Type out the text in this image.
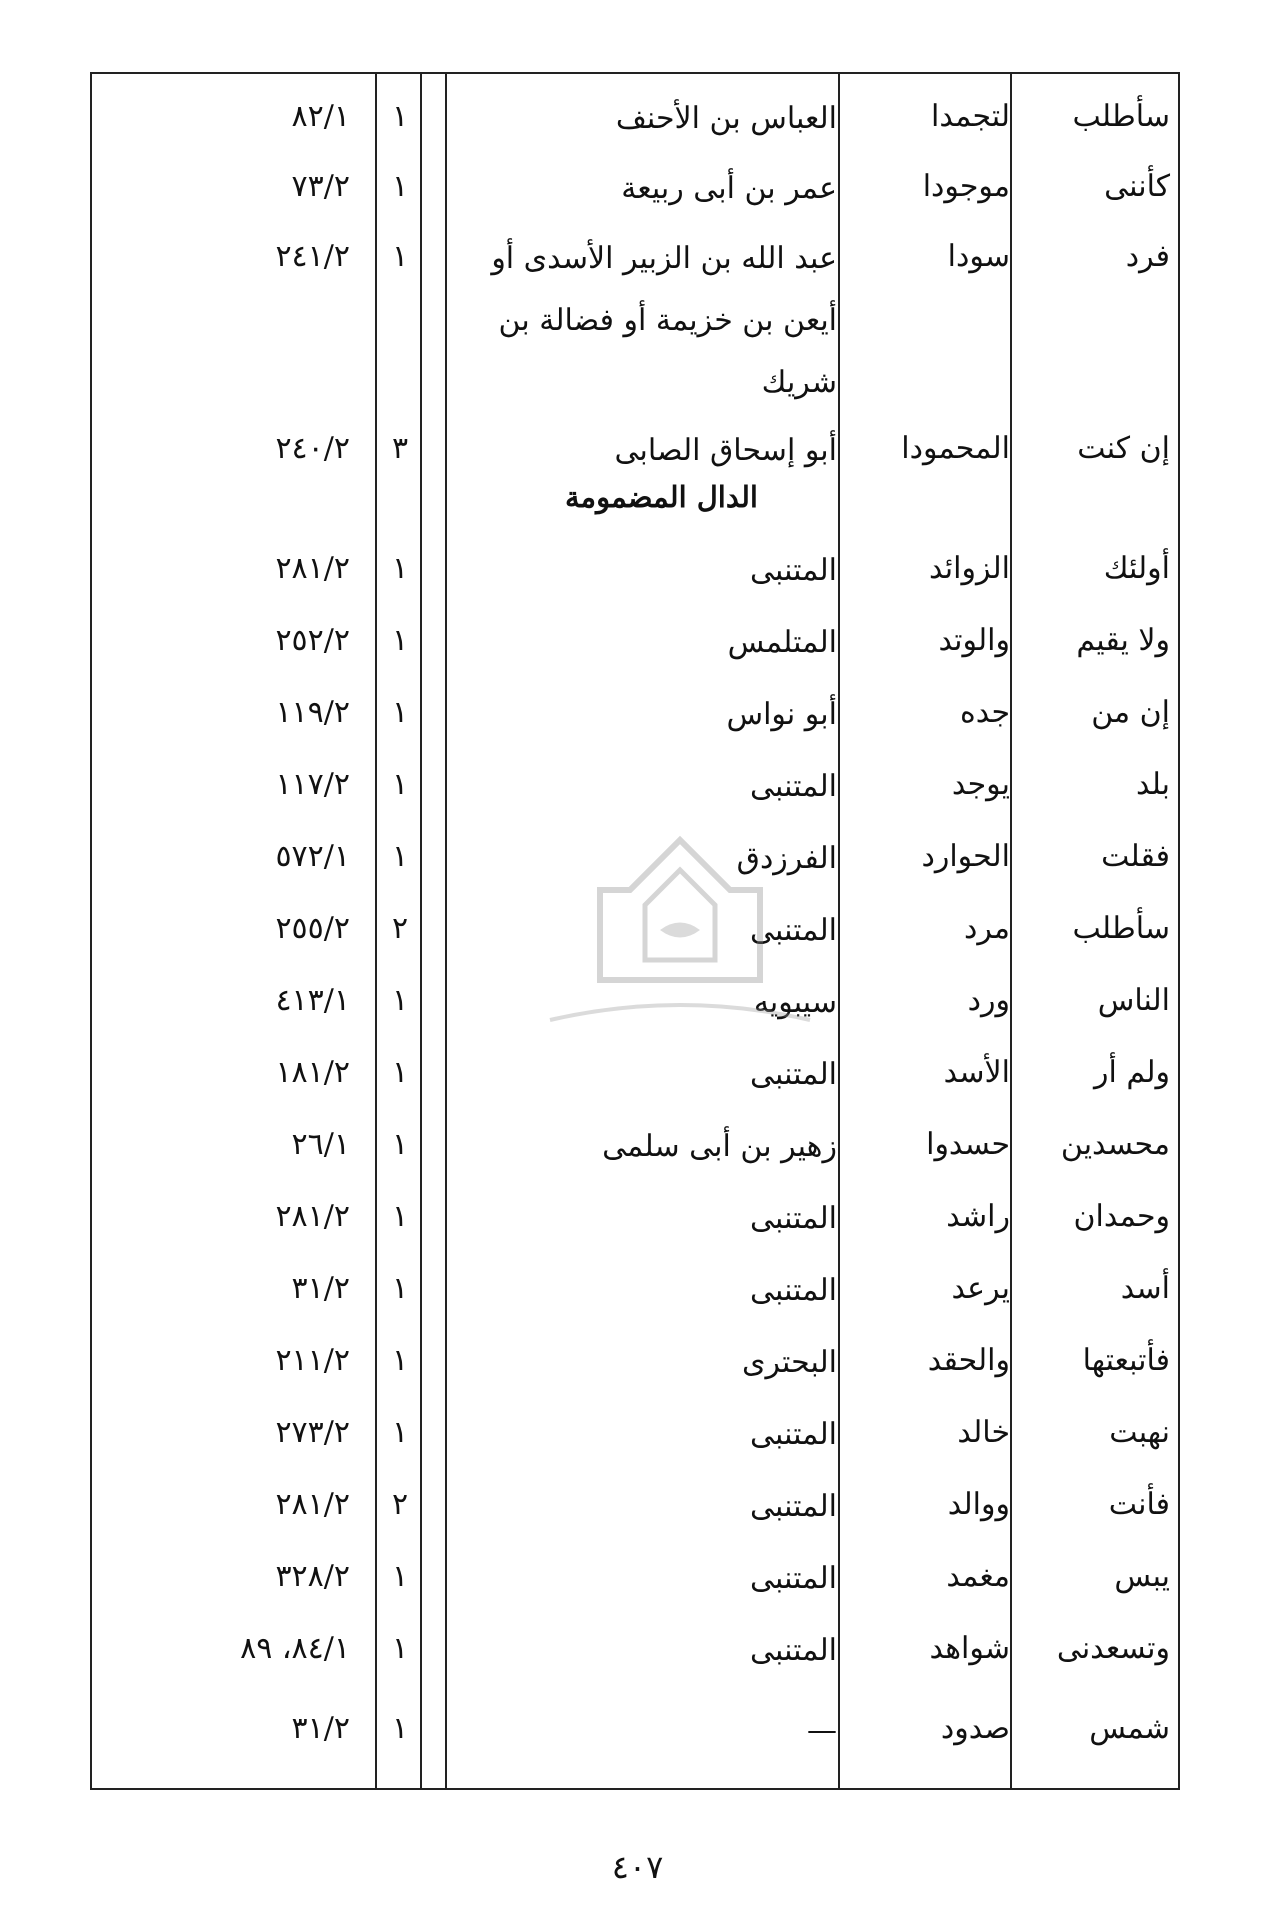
سأطلب
لتجمدا
العباس بن الأحنف
١
٨٢/١
كأننى
موجودا
عمر بن أبى ربيعة
١
٧٣/٢
فرد
سودا
عبد الله بن الزبير الأسدى أو أيعن بن خزيمة أو فضالة بن شريك
١
٢٤١/٢
إن كنت
المحمودا
أبو إسحاق الصابى
٣
٢٤٠/٢
الدال المضمومة
أولئك
الزوائد
المتنبى
١
٢٨١/٢
ولا يقيم
والوتد
المتلمس
١
٢٥٢/٢
إن من
جده
أبو نواس
١
١١٩/٢
بلد
يوجد
المتنبى
١
١١٧/٢
فقلت
الحوارد
الفرزدق
١
٥٧٢/١
سأطلب
مرد
المتنبى
٢
٢٥٥/٢
الناس
ورد
سيبويه
١
٤١٣/١
ولم أر
الأسد
المتنبى
١
١٨١/٢
محسدين
حسدوا
زهير بن أبى سلمى
١
٢٦/١
وحمدان
راشد
المتنبى
١
٢٨١/٢
أسد
يرعد
المتنبى
١
٣١/٢
فأتبعتها
والحقد
البحترى
١
٢١١/٢
نهبت
خالد
المتنبى
١
٢٧٣/٢
فأنت
ووالد
المتنبى
٢
٢٨١/٢
يبس
مغمد
المتنبى
١
٣٢٨/٢
وتسعدنى
شواهد
المتنبى
١
٨٤/١، ٨٩
شمس
صدود
—
١
٣١/٢
٤٠٧
